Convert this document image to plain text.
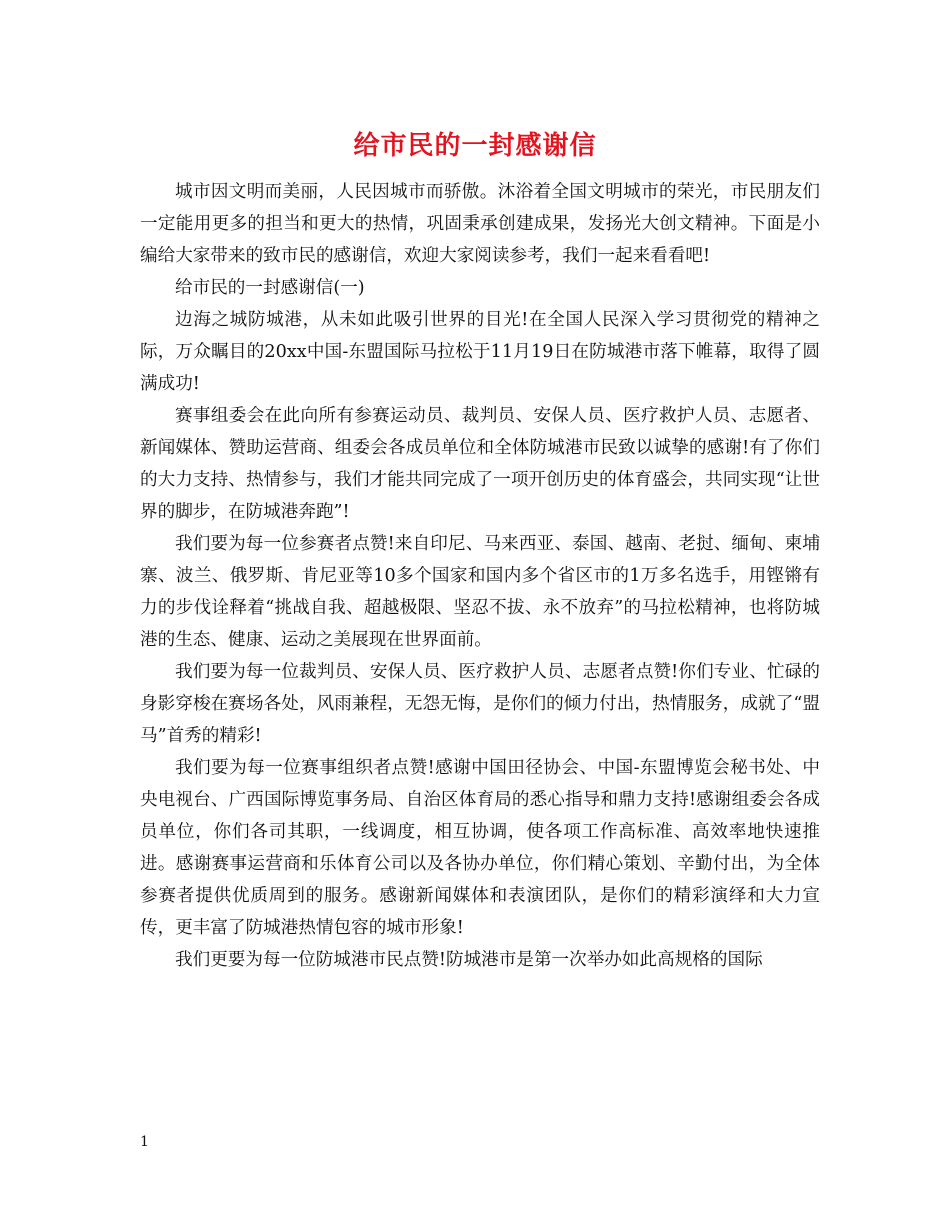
给市民的一封感谢信

城市因文明而美丽，人民因城市而骄傲。沐浴着全国文明城市的荣光，市民朋友们一定能用更多的担当和更大的热情，巩固秉承创建成果，发扬光大创文精神。下面是小编给大家带来的致市民的感谢信，欢迎大家阅读参考，我们一起来看看吧!

给市民的一封感谢信(一)

边海之城防城港，从未如此吸引世界的目光!在全国人民深入学习贯彻党的精神之际，万众瞩目的20xx中国-东盟国际马拉松于11月19日在防城港市落下帷幕，取得了圆满成功!

赛事组委会在此向所有参赛运动员、裁判员、安保人员、医疗救护人员、志愿者、新闻媒体、赞助运营商、组委会各成员单位和全体防城港市民致以诚挚的感谢!有了你们的大力支持、热情参与，我们才能共同完成了一项开创历史的体育盛会，共同实现“让世界的脚步，在防城港奔跑”!

我们要为每一位参赛者点赞!来自印尼、马来西亚、泰国、越南、老挝、缅甸、柬埔寨、波兰、俄罗斯、肯尼亚等10多个国家和国内多个省区市的1万多名选手，用铿锵有力的步伐诠释着“挑战自我、超越极限、坚忍不拔、永不放弃”的马拉松精神，也将防城港的生态、健康、运动之美展现在世界面前。

我们要为每一位裁判员、安保人员、医疗救护人员、志愿者点赞!你们专业、忙碌的身影穿梭在赛场各处，风雨兼程，无怨无悔，是你们的倾力付出，热情服务，成就了“盟马”首秀的精彩!

我们要为每一位赛事组织者点赞!感谢中国田径协会、中国-东盟博览会秘书处、中央电视台、广西国际博览事务局、自治区体育局的悉心指导和鼎力支持!感谢组委会各成员单位，你们各司其职，一线调度，相互协调，使各项工作高标准、高效率地快速推进。感谢赛事运营商和乐体育公司以及各协办单位，你们精心策划、辛勤付出，为全体参赛者提供优质周到的服务。感谢新闻媒体和表演团队，是你们的精彩演绎和大力宣传，更丰富了防城港热情包容的城市形象!

我们更要为每一位防城港市民点赞!防城港市是第一次举办如此高规格的国际

1
